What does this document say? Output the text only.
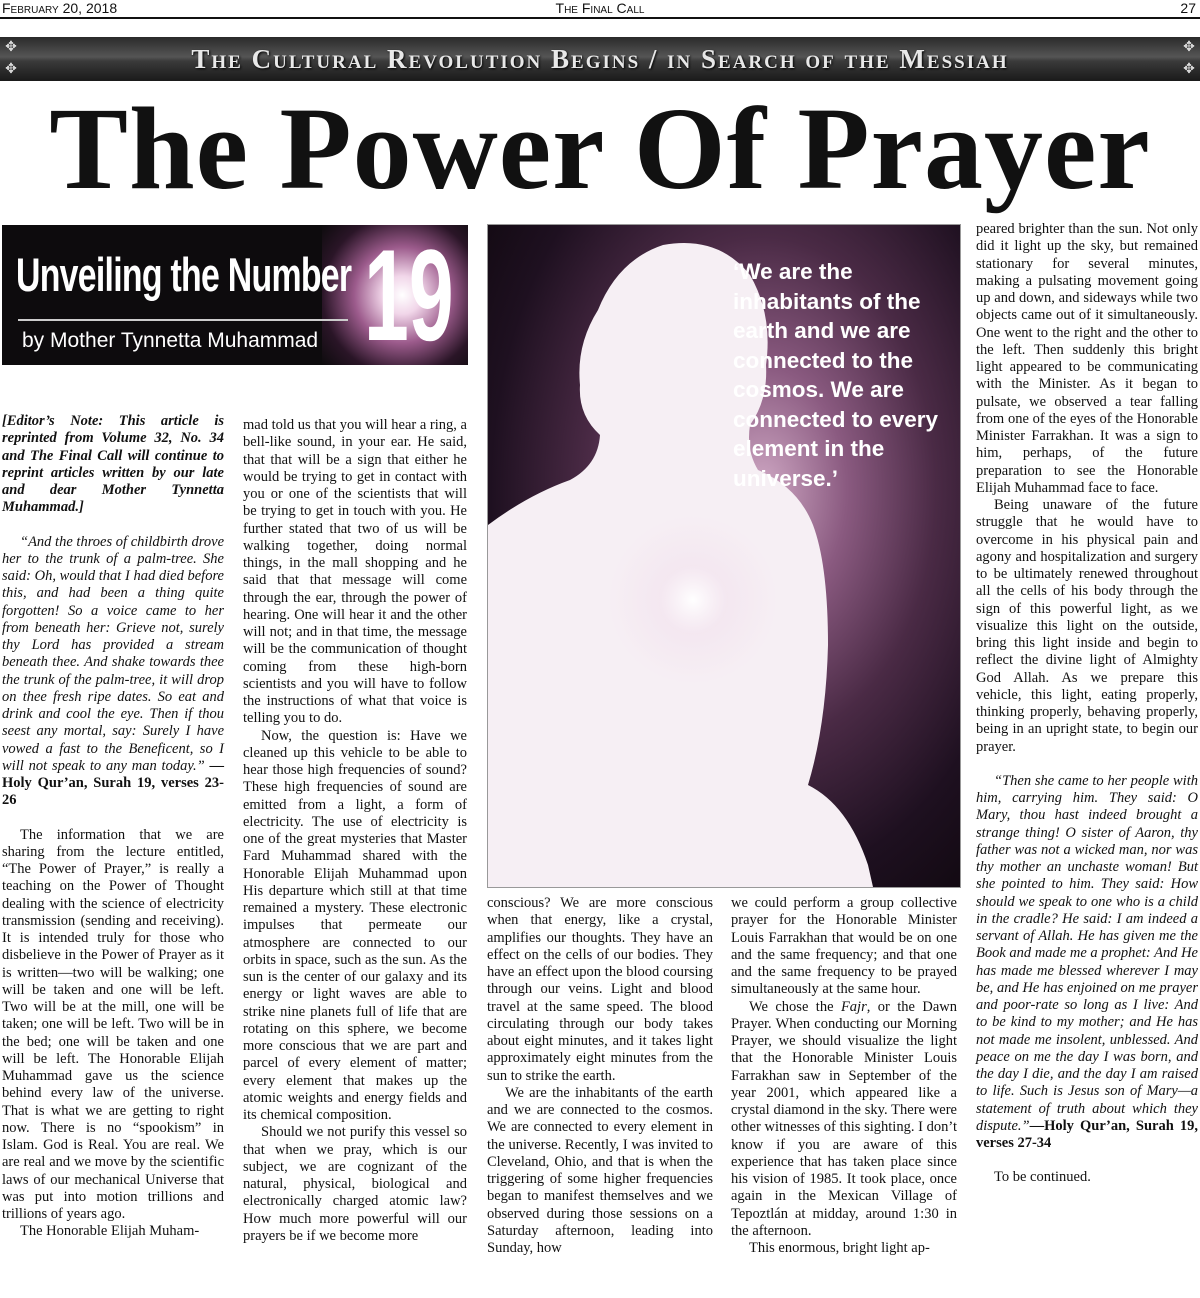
February 20, 2018	The Final Call	27
✥
✥	The Cultural Revolution Begins / in Search of the Messiah	✥
✥
The Power Of Prayer
Unveiling the Number 19
by Mother Tynnetta Muhammad
‘We are the inhabitants of the earth and we are connected to the cosmos. We are connected to every element in the universe.’

[Editor’s Note: This article is reprinted from Volume 32, No. 34 and The Final Call will continue to reprint articles written by our late and dear Mother Tynnetta Muhammad.]

“And the throes of childbirth drove her to the trunk of a palm-tree. She said: Oh, would that I had died before this, and had been a thing quite forgotten! So a voice came to her from beneath her: Grieve not, surely thy Lord has provided a stream beneath thee. And shake towards thee the trunk of the palm-tree, it will drop on thee fresh ripe dates. So eat and drink and cool the eye. Then if thou seest any mortal, say: Surely I have vowed a fast to the Beneficent, so I will not speak to any man today.” —Holy Qur’an, Surah 19, verses 23-26

The information that we are sharing from the lecture entitled, “The Power of Prayer,” is really a teaching on the Power of Thought dealing with the science of electricity transmission (sending and receiving). It is intended truly for those who disbelieve in the Power of Prayer as it is written—two will be walking; one will be taken and one will be left. Two will be at the mill, one will be taken; one will be left. Two will be in the bed; one will be taken and one will be left. The Honorable Elijah Muhammad gave us the science behind every law of the universe. That is what we are getting to right now. There is no “spookism” in Islam. God is Real. You are real. We are real and we move by the scientific laws of our mechanical Universe that was put into motion trillions and trillions of years ago.

The Honorable Elijah Muham-

mad told us that you will hear a ring, a bell-like sound, in your ear. He said, that that will be a sign that either he would be trying to get in contact with you or one of the scientists that will be trying to get in touch with you. He further stated that two of us will be walking together, doing normal things, in the mall shopping and he said that that message will come through the ear, through the power of hearing. One will hear it and the other will not; and in that time, the message will be the communication of thought coming from these high-born scientists and you will have to follow the instructions of what that voice is telling you to do.

Now, the question is: Have we cleaned up this vehicle to be able to hear those high frequencies of sound? These high frequencies of sound are emitted from a light, a form of electricity. The use of electricity is one of the great mysteries that Master Fard Muhammad shared with the Honorable Elijah Muhammad upon His departure which still at that time remained a mystery. These electronic impulses that permeate our atmosphere are connected to our orbits in space, such as the sun. As the sun is the center of our galaxy and its energy or light waves are able to strike nine planets full of life that are rotating on this sphere, we become more conscious that we are part and parcel of every element of matter; every element that makes up the atomic weights and energy fields and its chemical composition.

Should we not purify this vessel so that when we pray, which is our subject, we are cognizant of the natural, physical, biological and electronically charged atomic law? How much more powerful will our prayers be if we become more

conscious? We are more conscious when that energy, like a crystal, amplifies our thoughts. They have an effect on the cells of our bodies. They have an effect upon the blood coursing through our veins. Light and blood travel at the same speed. The blood circulating through our body takes about eight minutes, and it takes light approximately eight minutes from the sun to strike the earth.

We are the inhabitants of the earth and we are connected to the cosmos. We are connected to every element in the universe. Recently, I was invited to Cleveland, Ohio, and that is when the triggering of some higher frequencies began to manifest themselves and we observed during those sessions on a Saturday afternoon, leading into Sunday, how

we could perform a group collective prayer for the Honorable Minister Louis Farrakhan that would be on one and the same frequency; and that one and the same frequency to be prayed simultaneously at the same hour.

We chose the Fajr, or the Dawn Prayer. When conducting our Morning Prayer, we should visualize the light that the Honorable Minister Louis Farrakhan saw in September of the year 2001, which appeared like a crystal diamond in the sky. There were other witnesses of this sighting. I don’t know if you are aware of this experience that has taken place since his vision of 1985. It took place, once again in the Mexican Village of Tepoztlán at midday, around 1:30 in the afternoon.

This enormous, bright light ap-

peared brighter than the sun. Not only did it light up the sky, but remained stationary for several minutes, making a pulsating movement going up and down, and sideways while two objects came out of it simultaneously. One went to the right and the other to the left. Then suddenly this bright light appeared to be communicating with the Minister. As it began to pulsate, we observed a tear falling from one of the eyes of the Honorable Minister Farrakhan. It was a sign to him, perhaps, of the future preparation to see the Honorable Elijah Muhammad face to face.

Being unaware of the future struggle that he would have to overcome in his physical pain and agony and hospitalization and surgery to be ultimately renewed throughout all the cells of his body through the sign of this powerful light, as we visualize this light on the outside, bring this light inside and begin to reflect the divine light of Almighty God Allah. As we prepare this vehicle, this light, eating properly, thinking properly, behaving properly, being in an upright state, to begin our prayer.

“Then she came to her people with him, carrying him. They said: O Mary, thou hast indeed brought a strange thing! O sister of Aaron, thy father was not a wicked man, nor was thy mother an unchaste woman! But she pointed to him. They said: How should we speak to one who is a child in the cradle? He said: I am indeed a servant of Allah. He has given me the Book and made me a prophet: And He has made me blessed wherever I may be, and He has enjoined on me prayer and poor-rate so long as I live: And to be kind to my mother; and He has not made me insolent, unblessed. And peace on me the day I was born, and the day I die, and the day I am raised to life. Such is Jesus son of Mary—a statement of truth about which they dispute.”—Holy Qur’an, Surah 19, verses 27-34

To be continued.
